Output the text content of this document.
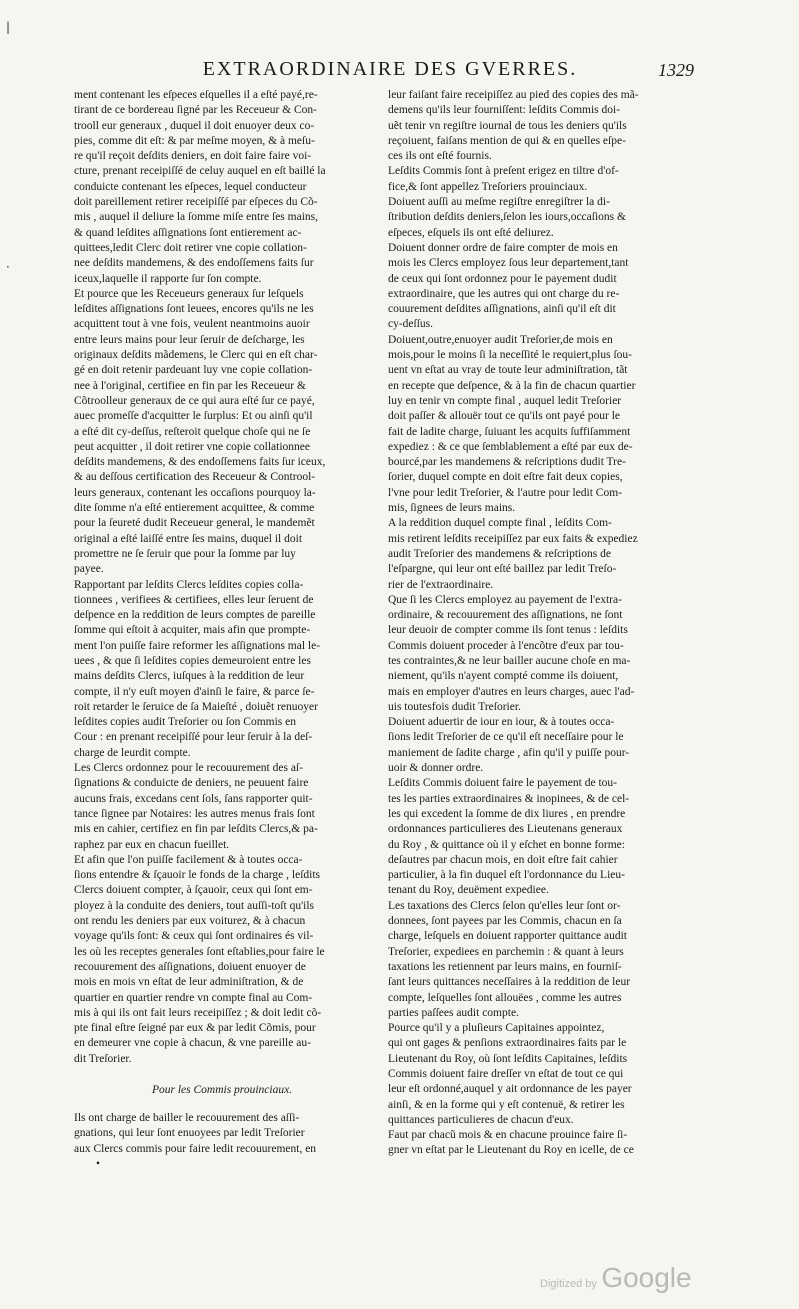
EXTRAORDINAIRE DES GVERRES.	1329
|
·
ment contenant les eſpeces eſquelles il a eſté payé,re-
tirant de ce bordereau ſigné par les Receueur & Con-
trooll eur generaux , duquel il doit enuoyer deux co-
pies, comme dit eſt: & par meſme moyen, & à meſu-
re qu'il reçoit deſdits deniers, en doit faire faire voi-
cture, prenant receipiſſé de celuy auquel en eſt baillé la
conduicte contenant les eſpeces, lequel conducteur
doit pareillement retirer receipiſſé par eſpeces du Cõ-
mis , auquel il deliure la ſomme miſe entre ſes mains,
& quand leſdites aſſignations ſont entierement ac-
quittees,ledit Clerc doit retirer vne copie collation-
nee deſdits mandemens, & des endoſſemens faits ſur
iceux,laquelle il rapporte ſur ſon compte.
Et pource que les Receueurs generaux ſur leſquels
leſdites aſſignations ſont leuees, encores qu'ils ne les
acquittent tout à vne fois, veulent neantmoins auoir
entre leurs mains pour leur ſeruir de deſcharge, les
originaux deſdits mãdemens, le Clerc qui en eſt char-
gé en doit retenir pardeuant luy vne copie collation-
nee à l'original, certifiee en fin par les Receueur &
Cõtroolleur generaux de ce qui aura eſté ſur ce payé,
auec promeſſe d'acquitter le ſurplus: Et ou ainſi qu'il
a eſté dit cy-deſſus, reſteroit quelque choſe qui ne ſe
peut acquitter , il doit retirer vne copie collationnee
deſdits mandemens, & des endoſſemens faits ſur iceux,
& au deſſous certification des Receueur & Controol-
leurs generaux, contenant les occaſions pourquoy la-
dite ſomme n'a eſté entierement acquittee, & comme
pour la ſeureté dudit Receueur general, le mandemẽt
original a eſté laiſſé entre ſes mains, duquel il doit
promettre ne ſe ſeruir que pour la ſomme par luy
payee.
Rapportant par leſdits Clercs leſdites copies colla-
tionnees , verifiees & certifiees, elles leur ſeruent de
deſpence en la reddition de leurs comptes de pareille
ſomme qui eſtoit à acquiter, mais afin que prompte-
ment l'on puiſſe faire reformer les aſſignations mal le-
uees , & que ſi leſdites copies demeuroient entre les
mains deſdits Clercs, iuſques à la reddition de leur
compte, il n'y euſt moyen d'ainſi le faire, & parce ſe-
roit retarder le ſeruice de ſa Maieſté , doiuẽt renuoyer
leſdites copies audit Treſorier ou ſon Commis en
Cour : en prenant receipiſſé pour leur ſeruir à la deſ-
charge de leurdit compte.
Les Clercs ordonnez pour le recouurement des aſ-
ſignations & conduicte de deniers, ne peuuent faire
aucuns frais, excedans cent ſols, ſans rapporter quit-
tance ſignee par Notaires: les autres menus frais ſont
mis en cahier, certifiez en fin par leſdits Clercs,& pa-
raphez par eux en chacun fueillet.
Et afin que l'on puiſſe facilement & à toutes occa-
ſions entendre & ſçauoir le fonds de la charge , leſdits
Clercs doiuent compter, à ſçauoir, ceux qui ſont em-
ployez à la conduite des deniers, tout auſſi-toſt qu'ils
ont rendu les deniers par eux voiturez, & à chacun
voyage qu'ils ſont: & ceux qui ſont ordinaires és vil-
les où les receptes generales ſont eſtablies,pour faire le
recouurement des aſſignations, doiuent enuoyer de
mois en mois vn eſtat de leur adminiſtration, & de
quartier en quartier rendre vn compte final au Com-
mis à qui ils ont fait leurs receipiſſez ; & doit ledit cõ-
pte final eſtre ſeigné par eux & par ledit Cõmis, pour
en demeurer vne copie à chacun, & vne pareille au-
dit Treſorier.
Pour les Commis prouinciaux.
Ils ont charge de bailler le recouurement des aſſi-
gnations, qui leur ſont enuoyees par ledit Treſorier
aux Clercs commis pour faire ledit recouurement, en
•
leur faiſant faire receipiſſez au pied des copies des mã-
demens qu'ils leur fourniſſent: leſdits Commis doi-
uẽt tenir vn regiſtre iournal de tous les deniers qu'ils
reçoiuent, faiſans mention de qui & en quelles eſpe-
ces ils ont eſté fournis.
Leſdits Commis ſont à preſent erigez en tiltre d'of-
fice,& ſont appellez Treſoriers prouinciaux.
Doiuent auſſi au meſme regiſtre enregiſtrer la di-
ſtribution deſdits deniers,ſelon les iours,occaſions &
eſpeces, eſquels ils ont eſté deliurez.
Doiuent donner ordre de faire compter de mois en
mois les Clercs employez ſous leur departement,tant
de ceux qui ſont ordonnez pour le payement dudit
extraordinaire, que les autres qui ont charge du re-
couurement deſdites aſſignations, ainſi qu'il eſt dit
cy-deſſus.
Doiuent,outre,enuoyer audit Treſorier,de mois en
mois,pour le moins ſi la neceſſité le requiert,plus ſou-
uent vn eſtat au vray de toute leur adminiſtration, tãt
en recepte que deſpence, & à la fin de chacun quartier
luy en tenir vn compte final , auquel ledit Treſorier
doit paſſer & allouër tout ce qu'ils ont payé pour le
fait de ladite charge, ſuiuant les acquits ſuffiſamment
expediez : & ce que ſemblablement a eſté par eux de-
bourcé,par les mandemens & reſcriptions dudit Tre-
ſorier, duquel compte en doit eſtre fait deux copies,
l'vne pour ledit Treſorier, & l'autre pour ledit Com-
mis, ſignees de leurs mains.
A la reddition duquel compte final , leſdits Com-
mis retirent leſdits receipiſſez par eux faits & expediez
audit Treſorier des mandemens & reſcriptions de
l'eſpargne, qui leur ont eſté baillez par ledit Treſo-
rier de l'extraordinaire.
Que ſi les Clercs employez au payement de l'extra-
ordinaire, & recouurement des aſſignations, ne ſont
leur deuoir de compter comme ils ſont tenus : leſdits
Commis doiuent proceder à l'encõtre d'eux par tou-
tes contraintes,& ne leur bailler aucune choſe en ma-
niement, qu'ils n'ayent compté comme ils doiuent,
mais en employer d'autres en leurs charges, auec l'ad-
uis toutesfois dudit Treſorier.
Doiuent aduertir de iour en iour, & à toutes occa-
ſions ledit Treſorier de ce qu'il eſt neceſſaire pour le
maniement de ſadite charge , afin qu'il y puiſſe pour-
uoir & donner ordre.
Leſdits Commis doiuent faire le payement de tou-
tes les parties extraordinaires & inopinees, & de cel-
les qui excedent la ſomme de dix liures , en prendre
ordonnances particulieres des Lieutenans generaux
du Roy , & quittance où il y eſchet en bonne forme:
deſautres par chacun mois, en doit eſtre fait cahier
particulier, à la fin duquel eſt l'ordonnance du Lieu-
tenant du Roy, deuëment expediee.
Les taxations des Clercs ſelon qu'elles leur ſont or-
donnees, ſont payees par les Commis, chacun en ſa
charge, leſquels en doiuent rapporter quittance audit
Treſorier, expediees en parchemin : & quant à leurs
taxations les retiennent par leurs mains, en fourniſ-
ſant leurs quittances neceſſaires à la reddition de leur
compte, leſquelles ſont allouëes , comme les autres
parties paſſees audit compte.
Pource qu'il y a pluſieurs Capitaines appointez,
qui ont gages & penſions extraordinaires faits par le
Lieutenant du Roy, où ſont leſdits Capitaines, leſdits
Commis doiuent faire dreſſer vn eſtat de tout ce qui
leur eſt ordonné,auquel y ait ordonnance de les payer
ainſi, & en la forme qui y eſt contenuë, & retirer les
quittances particulieres de chacun d'eux.
Faut par chacũ mois & en chacune prouince faire ſi-
gner vn eſtat par le Lieutenant du Roy en icelle, de ce
Digitized by Google
